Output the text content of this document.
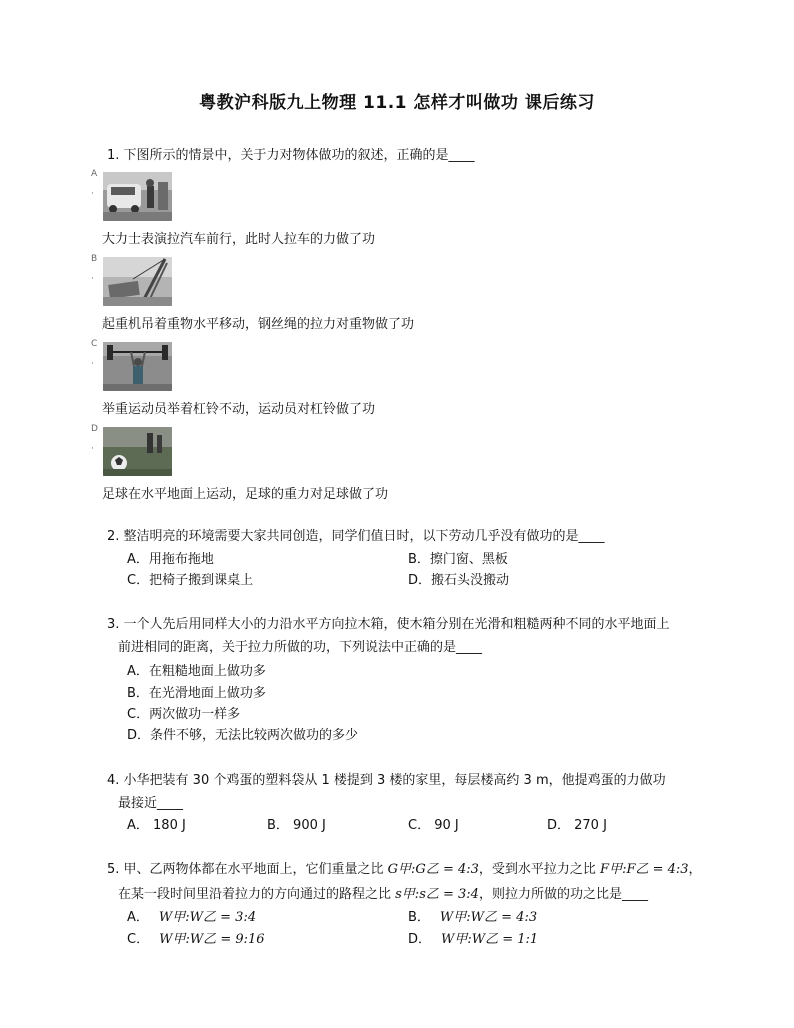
粤教沪科版九上物理 11.1 怎样才叫做功 课后练习
1. 下图所示的情景中，关于力对物体做功的叙述，正确的是____
A
·
大力士表演拉汽车前行，此时人拉车的力做了功
B
·
起重机吊着重物水平移动，钢丝绳的拉力对重物做了功
C
·
举重运动员举着杠铃不动，运动员对杠铃做了功
D
·
足球在水平地面上运动，足球的重力对足球做了功
2. 整洁明亮的环境需要大家共同创造，同学们值日时，以下劳动几乎没有做功的是____
A．用拖布拖地	B．擦门窗、黑板
C．把椅子搬到课桌上	D．搬石头没搬动
3. 一个人先后用同样大小的力沿水平方向拉木箱，使木箱分别在光滑和粗糙两种不同的水平地面上
前进相同的距离，关于拉力所做的功，下列说法中正确的是____
A．在粗糙地面上做功多
B．在光滑地面上做功多
C．两次做功一样多
D．条件不够，无法比较两次做功的多少
4. 小华把装有 30 个鸡蛋的塑料袋从 1 楼提到 3 楼的家里，每层楼高约 3 m，他提鸡蛋的力做功
最接近____
A． 180 J	B． 900 J	C． 90 J	D． 270 J
5. 甲、乙两物体都在水平地面上，它们重量之比 G甲:G乙 = 4:3，受到水平拉力之比 F甲:F乙 = 4:3，
在某一段时间里沿着拉力的方向通过的路程之比 s甲:s乙 = 3:4，则拉力所做的功之比是____
A． W甲:W乙 = 3:4	B． W甲:W乙 = 4:3
C． W甲:W乙 = 9:16	D． W甲:W乙 = 1:1
